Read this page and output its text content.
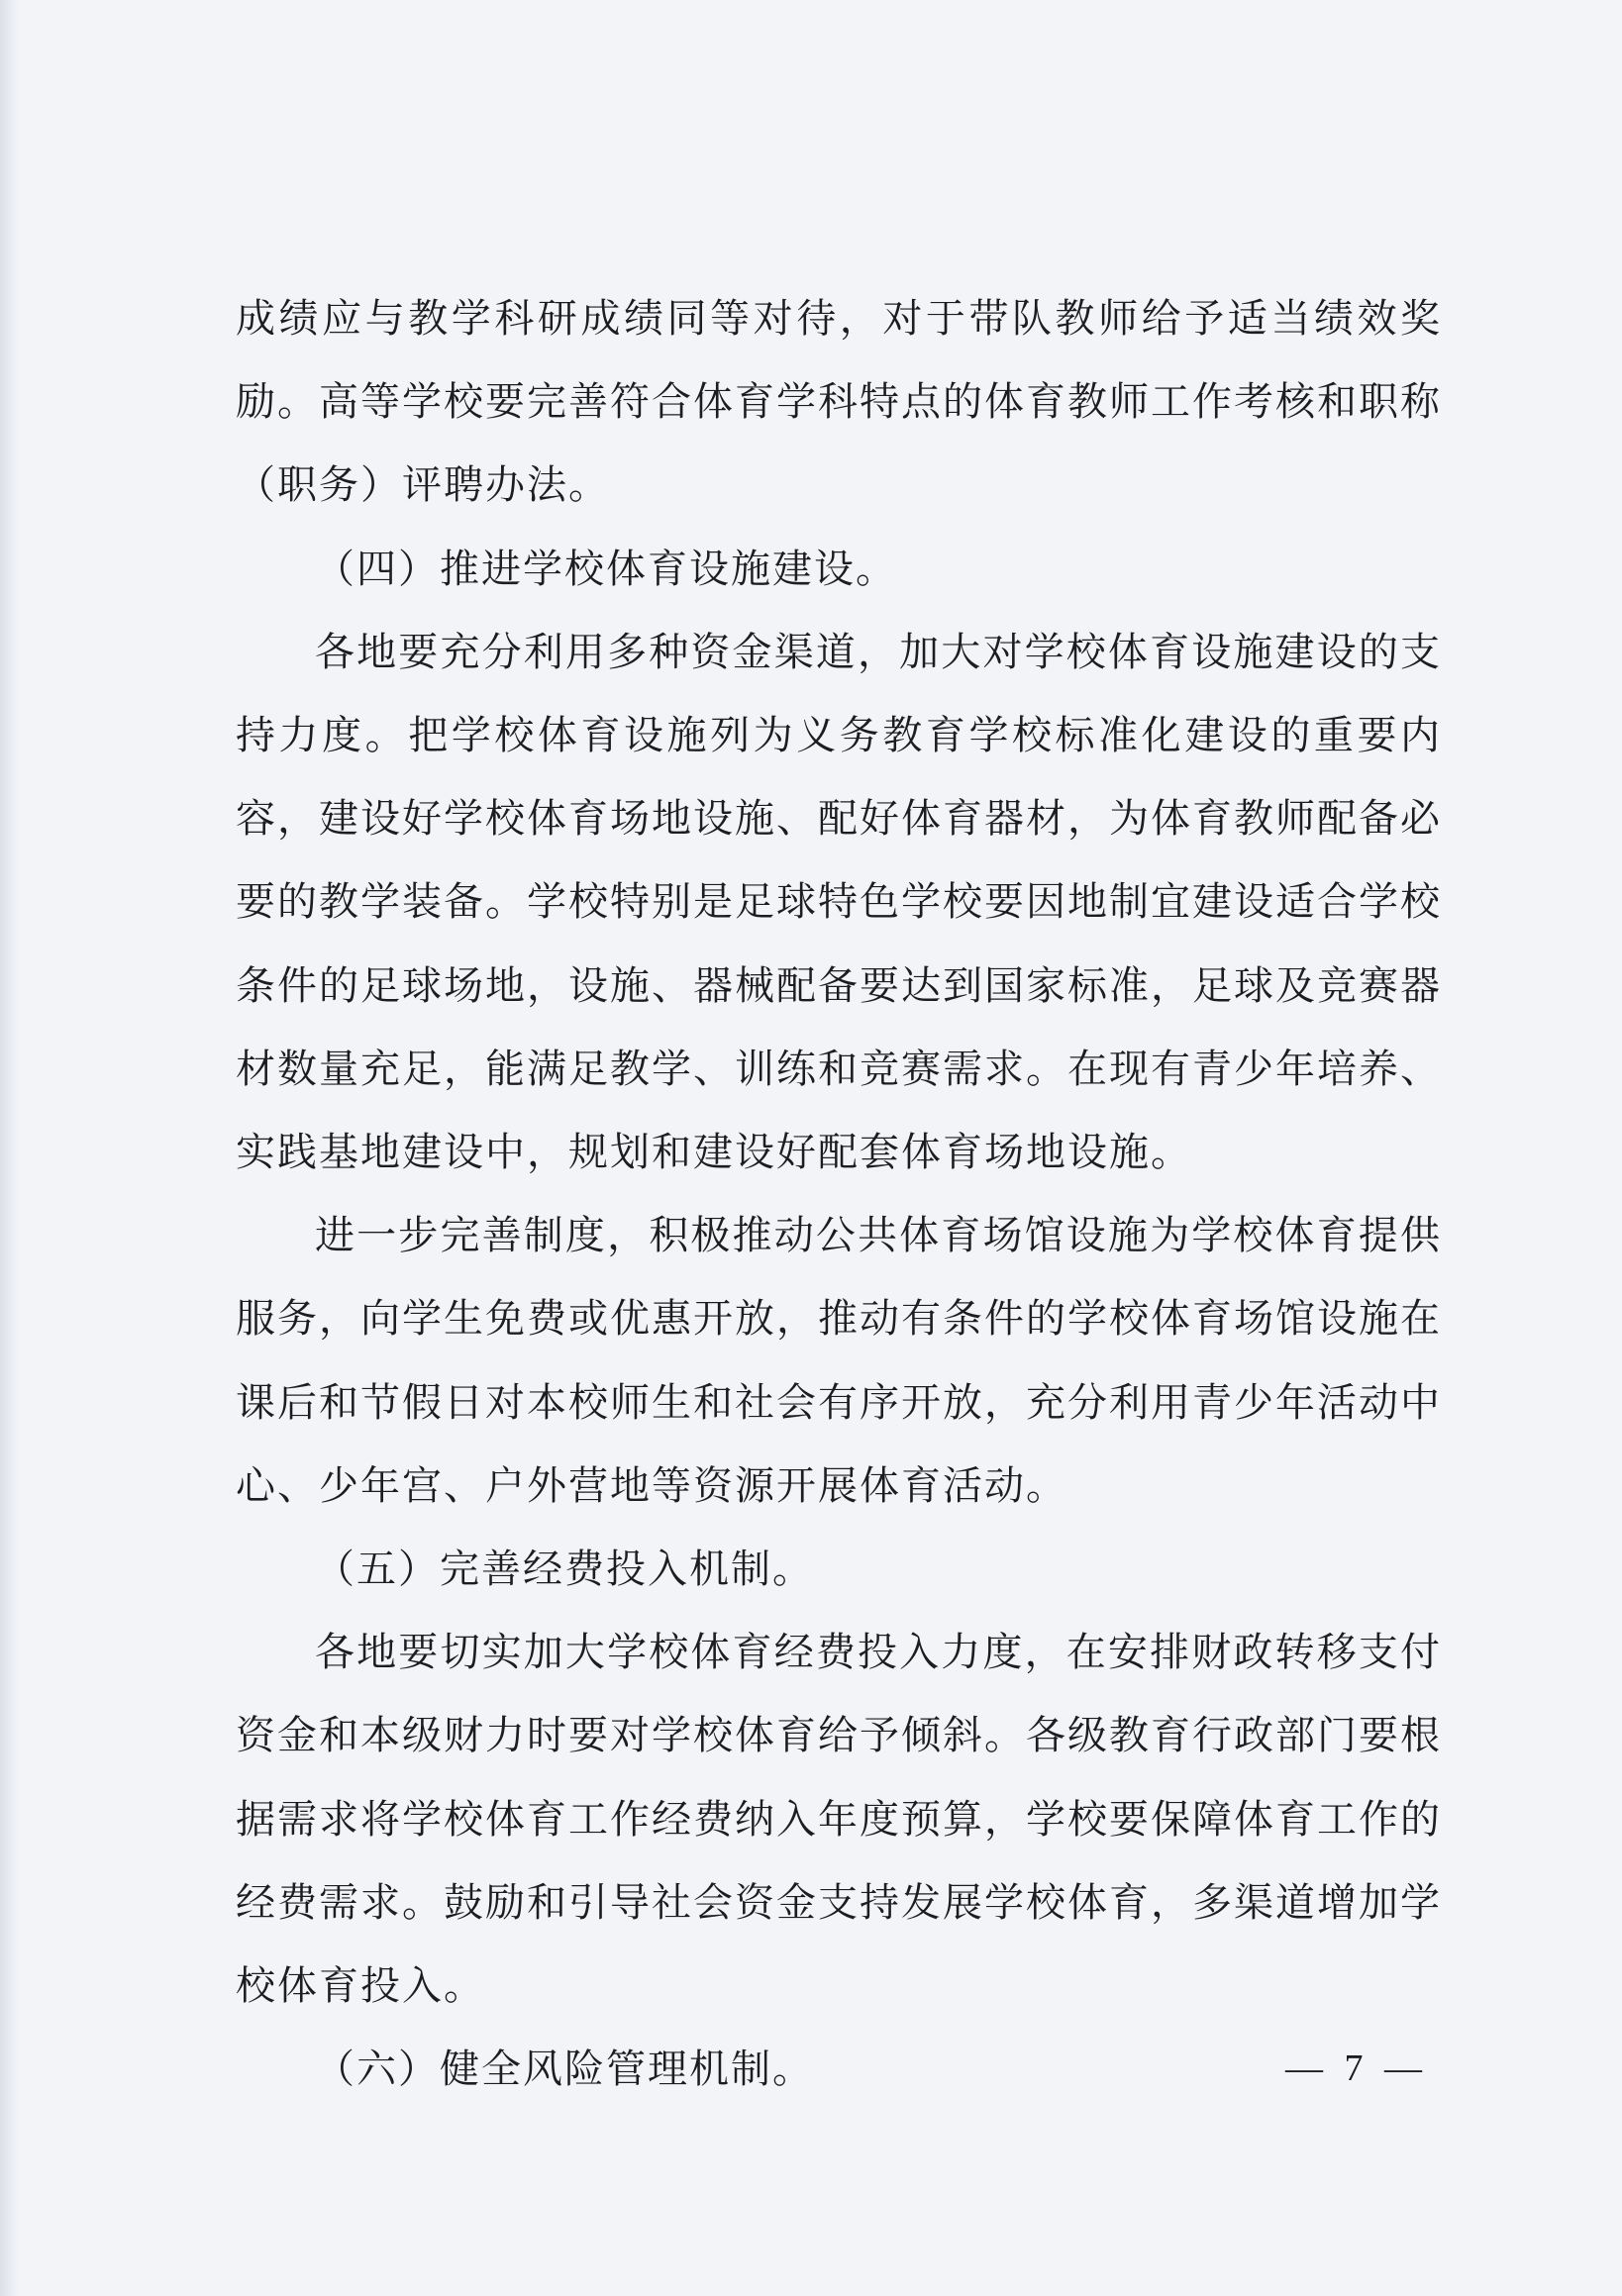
成绩应与教学科研成绩同等对待，对于带队教师给予适当绩效奖励。高等学校要完善符合体育学科特点的体育教师工作考核和职称（职务）评聘办法。

（四）推进学校体育设施建设。

各地要充分利用多种资金渠道，加大对学校体育设施建设的支持力度。把学校体育设施列为义务教育学校标准化建设的重要内容，建设好学校体育场地设施、配好体育器材，为体育教师配备必要的教学装备。学校特别是足球特色学校要因地制宜建设适合学校条件的足球场地，设施、器械配备要达到国家标准，足球及竞赛器材数量充足，能满足教学、训练和竞赛需求。在现有青少年培养、实践基地建设中，规划和建设好配套体育场地设施。

进一步完善制度，积极推动公共体育场馆设施为学校体育提供服务，向学生免费或优惠开放，推动有条件的学校体育场馆设施在课后和节假日对本校师生和社会有序开放，充分利用青少年活动中心、少年宫、户外营地等资源开展体育活动。

（五）完善经费投入机制。

各地要切实加大学校体育经费投入力度，在安排财政转移支付资金和本级财力时要对学校体育给予倾斜。各级教育行政部门要根据需求将学校体育工作经费纳入年度预算，学校要保障体育工作的经费需求。鼓励和引导社会资金支持发展学校体育，多渠道增加学校体育投入。

（六）健全风险管理机制。	— 7 —
